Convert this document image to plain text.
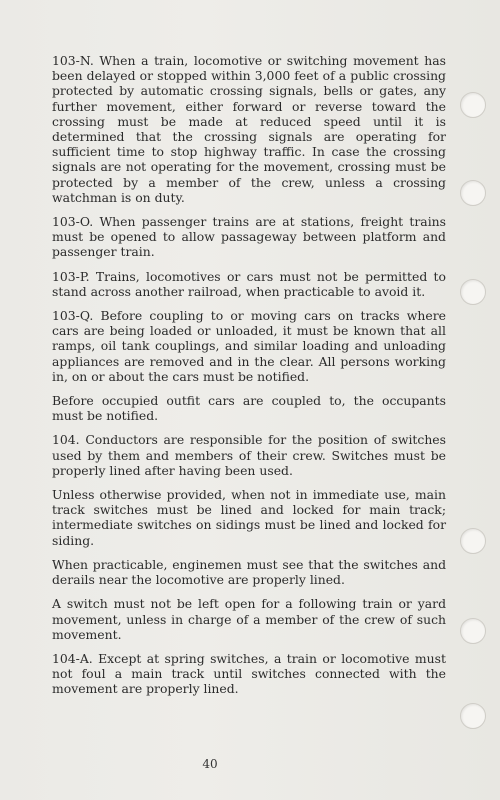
103-N. When a train, locomotive or switching movement has been delayed or stopped within 3,000 feet of a public crossing protected by automatic crossing signals, bells or gates, any further movement, either forward or reverse toward the crossing must be made at reduced speed until it is determined that the crossing signals are operating for sufficient time to stop highway traffic. In case the crossing signals are not operating for the movement, crossing must be protected by a member of the crew, unless a crossing watchman is on duty.

103-O. When passenger trains are at stations, freight trains must be opened to allow passageway between platform and passenger train.

103-P. Trains, locomotives or cars must not be permitted to stand across another railroad, when practicable to avoid it.

103-Q. Before coupling to or moving cars on tracks where cars are being loaded or unloaded, it must be known that all ramps, oil tank couplings, and similar loading and unloading appliances are removed and in the clear. All persons working in, on or about the cars must be notified.

Before occupied outfit cars are coupled to, the occupants must be notified.

104. Conductors are responsible for the position of switches used by them and members of their crew. Switches must be properly lined after having been used.

Unless otherwise provided, when not in immediate use, main track switches must be lined and locked for main track; intermediate switches on sidings must be lined and locked for siding.

When practicable, enginemen must see that the switches and derails near the locomotive are properly lined.

A switch must not be left open for a following train or yard movement, unless in charge of a member of the crew of such movement.

104-A. Except at spring switches, a train or locomotive must not foul a main track until switches connected with the movement are properly lined.

40
